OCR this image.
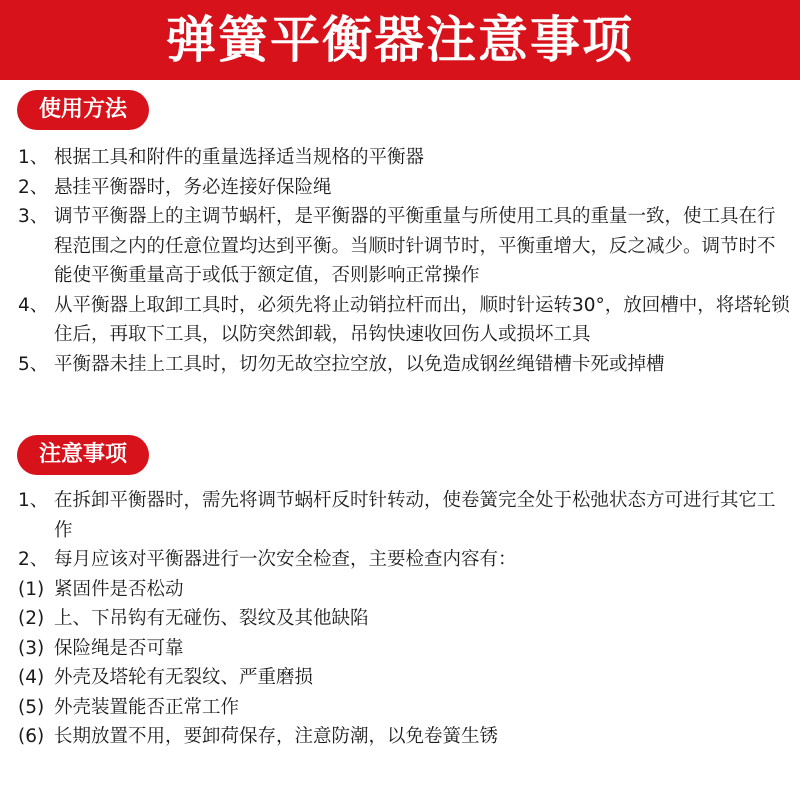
弹簧平衡器注意事项
使用方法
1、 根据工具和附件的重量选择适当规格的平衡器
2、 悬挂平衡器时，务必连接好保险绳
3、 调节平衡器上的主调节蜗杆，是平衡器的平衡重量与所使用工具的重量一致，使工具在行程范围之内的任意位置均达到平衡。当顺时针调节时，平衡重增大，反之减少。调节时不能使平衡重量高于或低于额定值，否则影响正常操作
4、 从平衡器上取卸工具时，必须先将止动销拉杆而出，顺时针运转30°，放回槽中，将塔轮锁住后，再取下工具，以防突然卸载，吊钩快速收回伤人或损坏工具
5、 平衡器未挂上工具时，切勿无故空拉空放，以免造成钢丝绳错槽卡死或掉槽
注意事项
1、 在拆卸平衡器时，需先将调节蜗杆反时针转动，使卷簧完全处于松弛状态方可进行其它工作
2、 每月应该对平衡器进行一次安全检查，主要检查内容有：
(1) 紧固件是否松动
(2) 上、下吊钩有无碰伤、裂纹及其他缺陷
(3) 保险绳是否可靠
(4) 外壳及塔轮有无裂纹、严重磨损
(5) 外壳装置能否正常工作
(6) 长期放置不用，要卸荷保存，注意防潮，以免卷簧生锈
